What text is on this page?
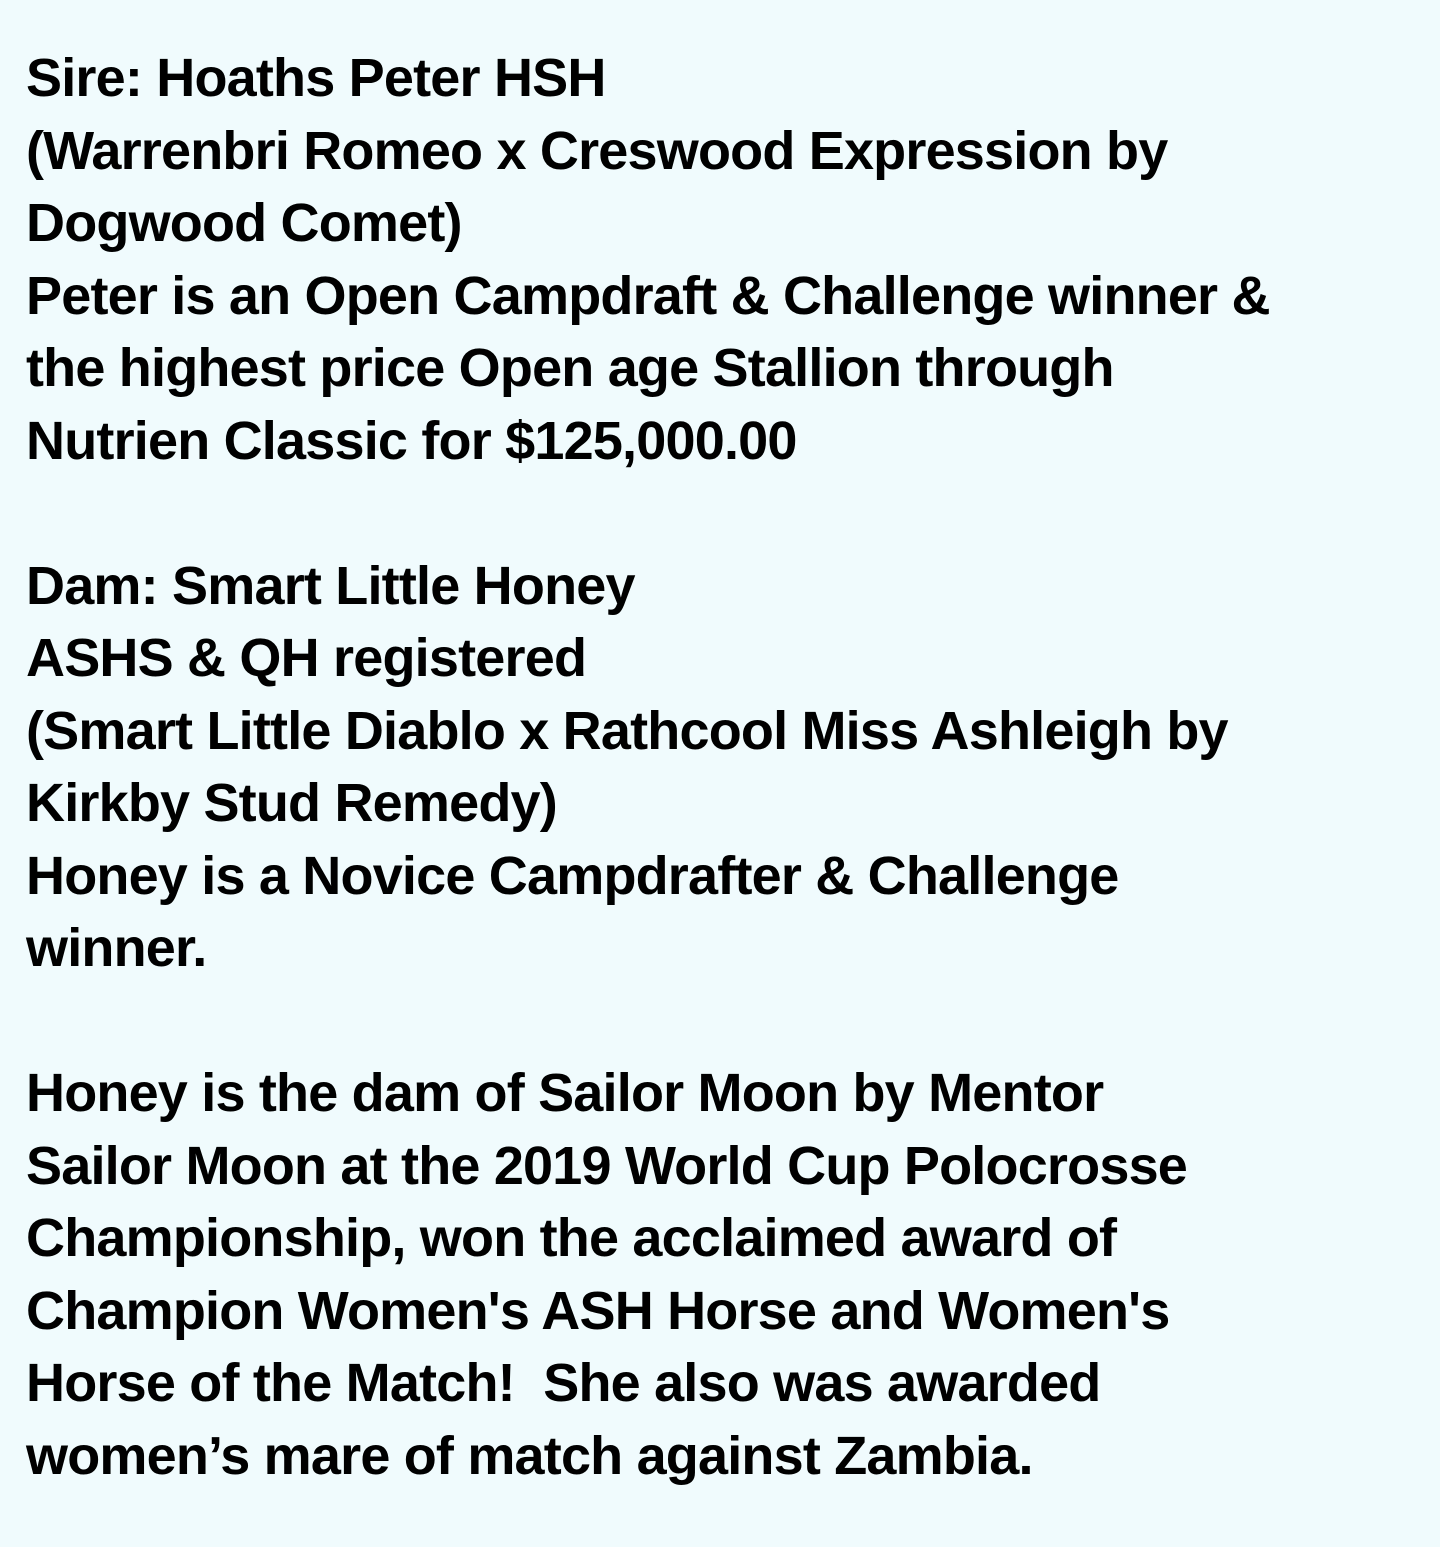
Sire: Hoaths Peter HSH
(Warrenbri Romeo x Creswood Expression by
Dogwood Comet)
Peter is an Open Campdraft & Challenge winner &
the highest price Open age Stallion through
Nutrien Classic for $125,000.00
Dam: Smart Little Honey
ASHS & QH registered
(Smart Little Diablo x Rathcool Miss Ashleigh by
Kirkby Stud Remedy)
Honey is a Novice Campdrafter & Challenge
winner.
Honey is the dam of Sailor Moon by Mentor
Sailor Moon at the 2019 World Cup Polocrosse
Championship, won the acclaimed award of
Champion Women's ASH Horse and Women's
Horse of the Match!  She also was awarded
women’s mare of match against Zambia.
